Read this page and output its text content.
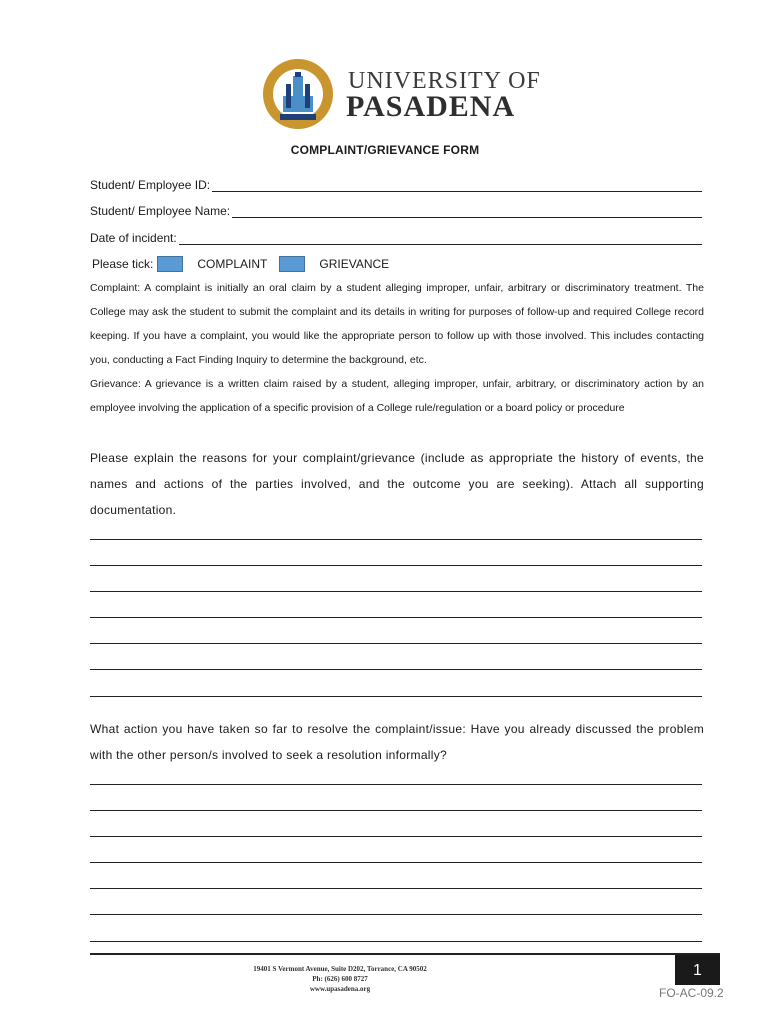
UNIVERSITY OF
PASADENA
COMPLAINT/GRIEVANCE FORM
Student/ Employee ID:
Student/ Employee Name:
Date of incident:
Please tick:	COMPLAINT	GRIEVANCE
Complaint: A complaint is initially an oral claim by a student alleging improper, unfair, arbitrary or discriminatory treatment. The College may ask the student to submit the complaint and its details in writing for purposes of follow-up and required College record keeping. If you have a complaint, you would like the appropriate person to follow up with those involved. This includes contacting you, conducting a Fact Finding Inquiry to determine the background, etc.
Grievance: A grievance is a written claim raised by a student, alleging improper, unfair, arbitrary, or discriminatory action by an employee involving the application of a specific provision of a College rule/regulation or a board policy or procedure
Please explain the reasons for your complaint/grievance (include as appropriate the history of events, the names and actions of the parties involved, and the outcome you are seeking). Attach all supporting documentation.
What action you have taken so far to resolve the complaint/issue: Have you already discussed the problem with the other person/s involved to seek a resolution informally?
19401 S Vermont Avenue, Suite D202, Torrance, CA 90502
Ph: (626) 600 8727
www.upasadena.org
1
FO-AC-09.2
